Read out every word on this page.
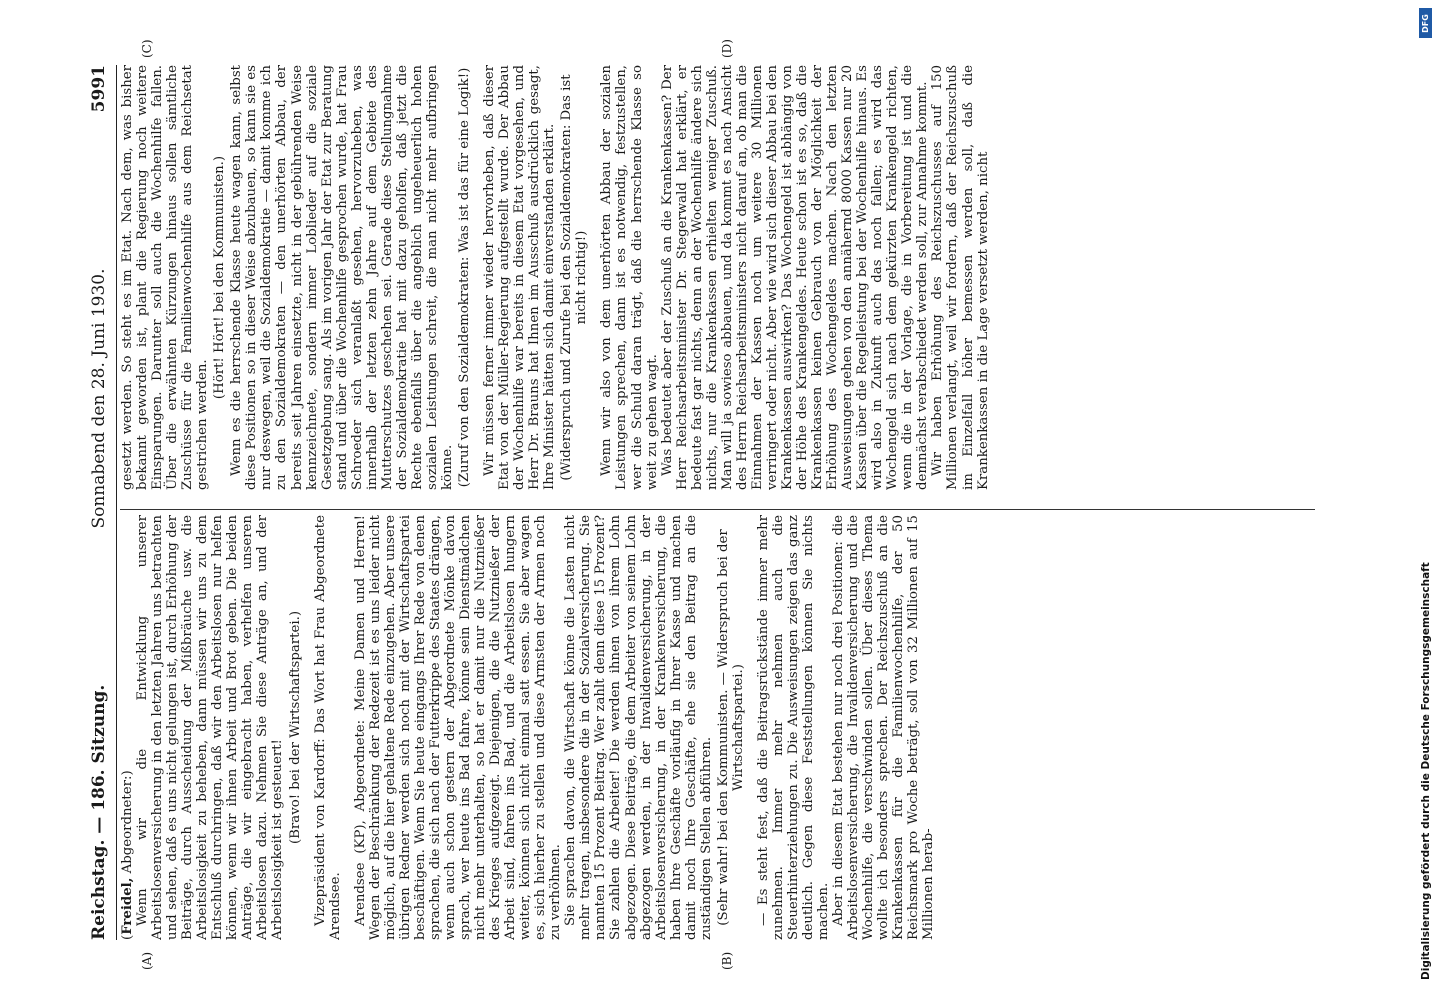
Reichstag. — 186. Sitzung.
Sonnabend den 28. Juni 1930.
5991
(A)	(B)
(C)	(D)

(Freidel, Abgeordneter:) Wenn wir die Entwicklung unserer Arbeitslosenversicherung in den letzten Jahren uns betrachten und sehen, daß es uns nicht gelungen ist, durch Erhöhung der Beiträge, durch Ausscheidung der Mißbräuche usw. die Arbeitslosigkeit zu beheben, dann müssen wir uns zu dem Entschluß durchringen, daß wir den Arbeitslosen nur helfen können, wenn wir ihnen Arbeit und Brot geben. Die beiden Anträge, die wir eingebracht haben, verhelfen unseren Arbeitslosen dazu. Nehmen Sie diese Anträge an, und der Arbeitslosigkeit ist gesteuert! (Bravo! bei der Wirtschaftspartei.) Vizepräsident von Kardorff: Das Wort hat Frau Abgeordnete Arendsee. Arendsee (KP), Abgeordnete: Meine Damen und Herren! Wegen der Beschränkung der Redezeit ist es uns leider nicht möglich, auf die hier gehaltene Rede einzugehen. Aber unsere übrigen Redner werden sich noch mit der Wirtschaftspartei beschäftigen. Wenn Sie heute eingangs Ihrer Rede von denen sprachen, die sich nach der Futterkrippe des Staates drängen, wenn auch schon gestern der Abgeordnete Mönke davon sprach, wer heute ins Bad fahre, könne sein Dienstmädchen nicht mehr unterhalten, so hat er damit nur die Nutznießer des Krieges aufgezeigt. Diejenigen, die die Nutznießer der Arbeit sind, fahren ins Bad, und die Arbeitslosen hungern weiter, können sich nicht einmal satt essen. Sie aber wagen es, sich hierher zu stellen und diese Armsten der Armen noch zu verhöhnen. Sie sprachen davon, die Wirtschaft könne die Lasten nicht mehr tragen, insbesondere die in der Sozialversicherung. Sie nannten 15 Prozent Beitrag. Wer zahlt denn diese 15 Prozent? Sie zahlen die Arbeiter! Die werden ihnen von ihrem Lohn abgezogen. Diese Beiträge, die dem Arbeiter von seinem Lohn abgezogen werden, in der Invalidenversicherung, in der Arbeitslosenversicherung, in der Krankenversicherung, die haben Ihre Geschäfte vorläufig in Ihrer Kasse und machen damit noch Ihre Geschäfte, ehe sie den Beitrag an die zuständigen Stellen abführen. (Sehr wahr! bei den Kommunisten. — Widerspruch bei der Wirtschaftspartei.) — Es steht fest, daß die Beitragsrückstände immer mehr zunehmen. Immer mehr nehmen auch die Steuerhinterziehungen zu. Die Ausweisungen zeigen das ganz deutlich. Gegen diese Feststellungen können Sie nichts machen. Aber in diesem Etat bestehen nur noch drei Positionen: die Arbeitslosenversicherung, die Invalidenversicherung und die Wochenhilfe, die verschwinden sollen. Über dieses Thema wollte ich besonders sprechen. Der Reichszuschuß an die Krankenkassen für die Familienwochenhilfe, der 50 Reichsmark pro Woche beträgt, soll von 32 Millionen auf 15 Millionen herab-

gesetzt werden. So steht es im Etat. Nach dem, was bisher bekannt geworden ist, plant die Regierung noch weitere Einsparungen. Darunter soll auch die Wochenhilfe fallen. Über die erwähnten Kürzungen hinaus sollen sämtliche Zuschüsse für die Familienwochenhilfe aus dem Reichsetat gestrichen werden.

(Hört! Hört! bei den Kommunisten.) Wenn es die herrschende Klasse heute wagen kann, selbst diese Positionen so in dieser Weise abzubauen, so kann sie es nur deswegen, weil die Sozialdemokratie — damit komme ich zu den Sozialdemokraten — den unerhörten Abbau, der bereits seit Jahren einsetzte, nicht in der gebührenden Weise kennzeichnete, sondern immer Loblieder auf die soziale Gesetzgebung sang. Als im vorigen Jahr der Etat zur Beratung stand und über die Wochenhilfe gesprochen wurde, hat Frau Schroeder sich veranlaßt gesehen, hervorzuheben, was innerhalb der letzten zehn Jahre auf dem Gebiete des Mutterschutzes geschehen sei. Gerade diese Stellungnahme der Sozialdemokratie hat mit dazu geholfen, daß jetzt die Rechte ebenfalls über die angeblich ungeheuerlich hohen sozialen Leistungen schreit, die man nicht mehr aufbringen könne. (Zuruf von den Sozialdemokraten: Was ist das für eine Logik!) Wir müssen ferner immer wieder hervorheben, daß dieser Etat von der Müller-Regierung aufgestellt wurde. Der Abbau der Wochenhilfe war bereits in diesem Etat vorgesehen, und Herr Dr. Brauns hat Ihnen im Ausschuß ausdrücklich gesagt, Ihre Minister hätten sich damit einverstanden erklärt. (Widerspruch und Zurufe bei den Sozialdemokraten: Das ist nicht richtig!) Wenn wir also von dem unerhörten Abbau der sozialen Leistungen sprechen, dann ist es notwendig, festzustellen, wer die Schuld daran trägt, daß die herrschende Klasse so weit zu gehen wagt. Was bedeutet aber der Zuschuß an die Krankenkassen? Der Herr Reichsarbeitsminister Dr. Stegerwald hat erklärt, er bedeute fast gar nichts, denn an der Wochenhilfe ändere sich nichts, nur die Krankenkassen erhielten weniger Zuschuß. Man will ja sowieso abbauen, und da kommt es nach Ansicht des Herrn Reichsarbeitsministers nicht darauf an, ob man die Einnahmen der Kassen noch um weitere 30 Millionen verringert oder nicht. Aber wie wird sich dieser Abbau bei den Krankenkassen auswirken? Das Wochengeld ist abhängig von der Höhe des Krankengeldes. Heute schon ist es so, daß die Krankenkassen keinen Gebrauch von der Möglichkeit der Erhöhung des Wochengeldes machen. Nach den letzten Ausweisungen gehen von den annähernd 8000 Kassen nur 20 Kassen über die Regelleistung bei der Wochenhilfe hinaus. Es wird also in Zukunft auch das noch fallen; es wird das Wochengeld sich nach dem gekürzten Krankengeld richten, wenn die in der Vorlage, die in Vorbereitung ist und die demnächst verabschiedet werden soll, zur Annahme kommt. Wir haben Erhöhung des Reichszuschusses auf 150 Millionen verlangt, weil wir fordern, daß der Reichszuschuß im Einzelfall höher bemessen werden soll, daß die Krankenkassen in die Lage versetzt werden, nicht

DFG
Digitalisierung gefördert durch die Deutsche Forschungsgemeinschaft
